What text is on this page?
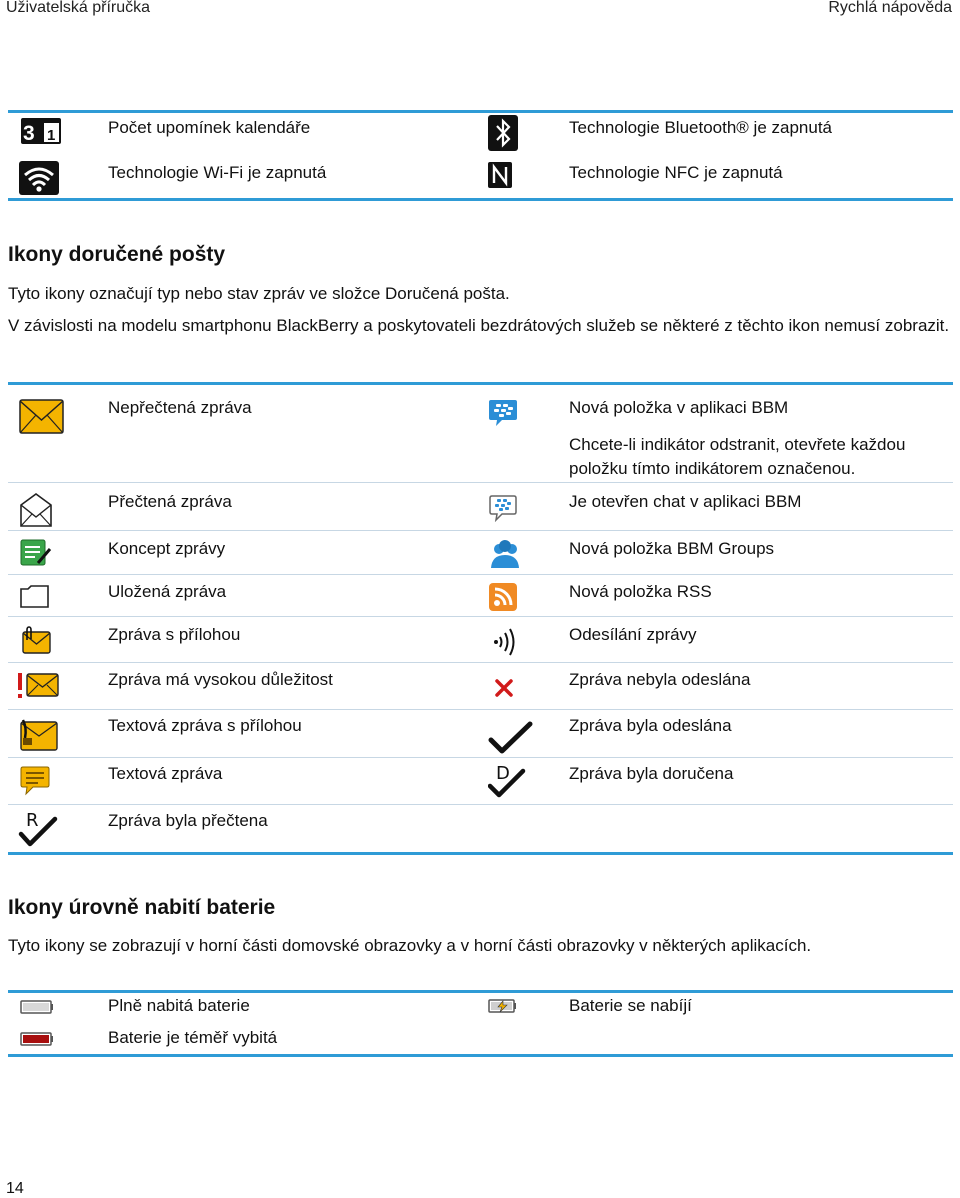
Uživatelská příručka	Rychlá nápověda
3 1	Počet upomínek kalendáře	Technologie Bluetooth® je zapnutá
Technologie Wi-Fi je zapnutá	Technologie NFC je zapnutá
Ikony doručené pošty
Tyto ikony označují typ nebo stav zpráv ve složce Doručená pošta.
V závislosti na modelu smartphonu BlackBerry a poskytovateli bezdrátových služeb se některé z těchto ikon nemusí zobrazit.
Nepřečtená zpráva	Nová položka v aplikaci BBM
Chcete-li indikátor odstranit, otevřete každou položku tímto indikátorem označenou.
Přečtená zpráva	Je otevřen chat v aplikaci BBM
Koncept zprávy	Nová položka BBM Groups
Uložená zpráva	Nová položka RSS
Zpráva s přílohou	Odesílání zprávy
Zpráva má vysokou důležitost	Zpráva nebyla odeslána
Textová zpráva s přílohou	Zpráva byla odeslána
Textová zpráva	D	Zpráva byla doručena
R	Zpráva byla přečtena
Ikony úrovně nabití baterie
Tyto ikony se zobrazují v horní části domovské obrazovky a v horní části obrazovky v některých aplikacích.
Plně nabitá baterie	Baterie se nabíjí
Baterie je téměř vybitá
14
